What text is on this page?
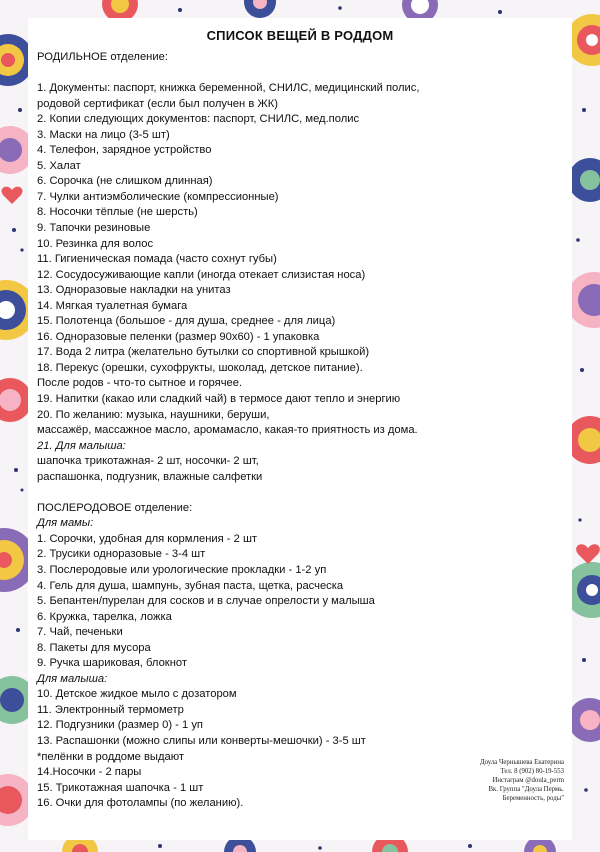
СПИСОК ВЕЩЕЙ В РОДДОМ
РОДИЛЬНОЕ отделение:
1. Документы: паспорт, книжка беременной, СНИЛС, медицинский полис,
родовой сертификат (если был получен в ЖК)
2. Копии следующих документов: паспорт, СНИЛС, мед.полис
3. Маски на лицо (3-5 шт)
4. Телефон, зарядное устройство
5. Халат
6. Сорочка (не слишком длинная)
7. Чулки антиэмболические (компрессионные)
8. Носочки тёплые (не шерсть)
9. Тапочки резиновые
10. Резинка для волос
11. Гигиеническая помада (часто сохнут губы)
12. Сосудосуживающие капли (иногда отекает слизистая носа)
13. Одноразовые накладки на унитаз
14. Мягкая туалетная бумага
15. Полотенца (большое - для душа, среднее - для лица)
16. Одноразовые пеленки (размер 90х60) - 1 упаковка
17. Вода 2 литра (желательно бутылки со спортивной крышкой)
18. Перекус (орешки, сухофрукты, шоколад, детское питание).
После родов - что-то сытное и горячее.
19. Напитки (какао или сладкий чай) в термосе дают тепло и энергию
20. По желанию: музыка, наушники, беруши,
массажёр, массажное масло, аромамасло, какая-то приятность из дома.
21. Для малыша:
шапочка трикотажная- 2 шт, носочки- 2 шт,
распашонка, подгузник, влажные салфетки
ПОСЛЕРОДОВОЕ отделение:
Для мамы:
1. Сорочки, удобная для кормления - 2 шт
2. Трусики одноразовые - 3-4 шт
3. Послеродовые или урологические прокладки - 1-2 уп
4. Гель для душа, шампунь, зубная паста, щетка, расческа
5. Бепантен/пурелан для сосков и в случае опрелости у малыша
6. Кружка, тарелка, ложка
7. Чай, печеньки
8. Пакеты для мусора
9. Ручка шариковая, блокнот
Для малыша:
10. Детское жидкое мыло с дозатором
11. Электронный термометр
12. Подгузники (размер 0) - 1 уп
13. Распашонки (можно слипы или конверты-мешочки) - 3-5 шт
*пелёнки в роддоме выдают
14.Носочки - 2 пары
15. Трикотажная шапочка - 1 шт
16. Очки для фотолампы (по желанию).
Доула Чернышева Екатерина
Тел. 8 (902) 80-19-553
Инстаграм @doula_perm
Вк. Группа "Доула Пермь.
Беременность, роды"
